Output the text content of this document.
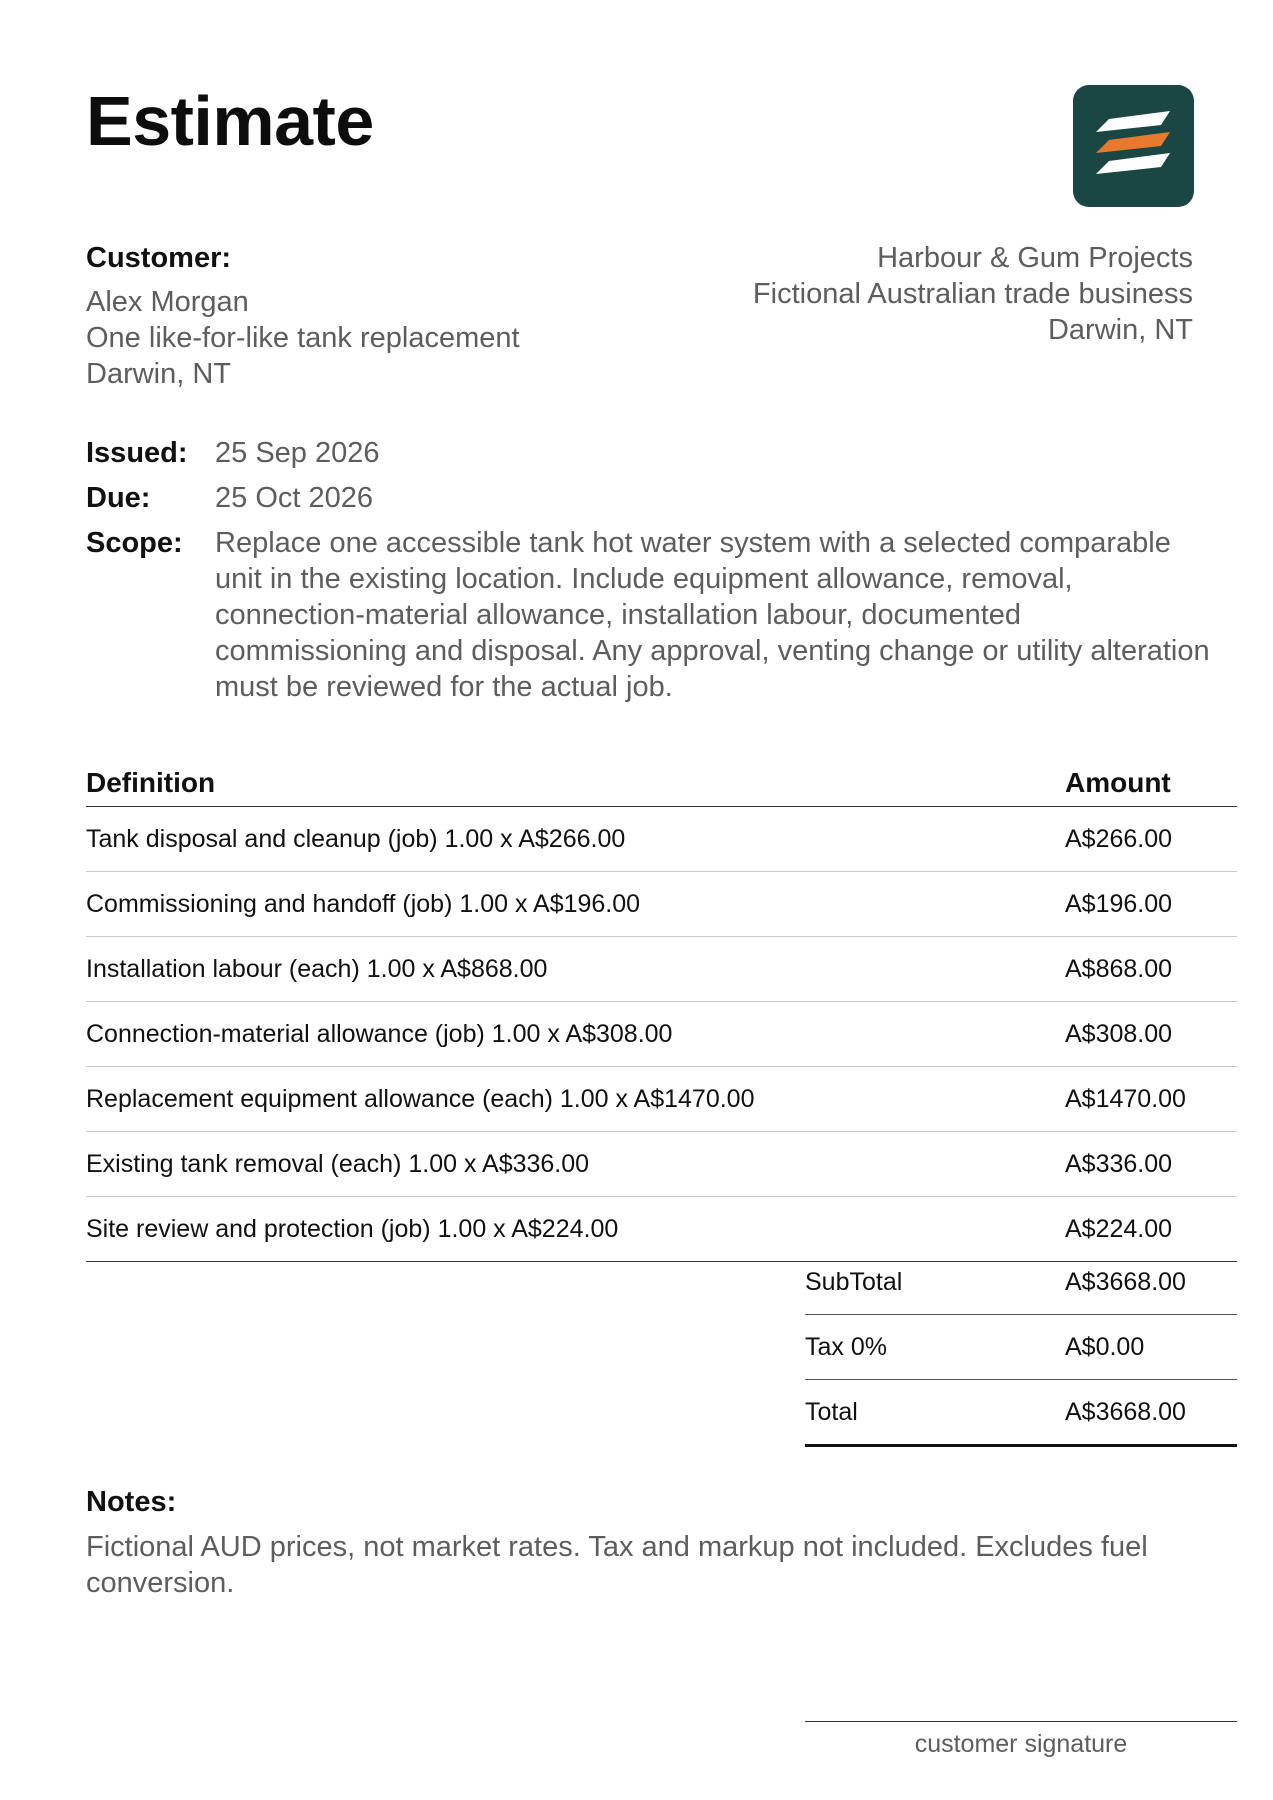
Estimate
Customer:
Alex Morgan
One like-for-like tank replacement
Darwin, NT
Harbour & Gum Projects
Fictional Australian trade business
Darwin, NT
Issued: 25 Sep 2026
Due:	25 Oct 2026
Scope:	Replace one accessible tank hot water system with a selected comparable unit in the existing location. Include equipment allowance, removal, connection-material allowance, installation labour, documented commissioning and disposal. Any approval, venting change or utility alteration must be reviewed for the actual job.
Definition	Amount
Tank disposal and cleanup (job) 1.00 x A$266.00	A$266.00
Commissioning and handoff (job) 1.00 x A$196.00	A$196.00
Installation labour (each) 1.00 x A$868.00	A$868.00
Connection-material allowance (job) 1.00 x A$308.00	A$308.00
Replacement equipment allowance (each) 1.00 x A$1470.00	A$1470.00
Existing tank removal (each) 1.00 x A$336.00	A$336.00
Site review and protection (job) 1.00 x A$224.00	A$224.00
SubTotal	A$3668.00
Tax 0%	A$0.00
Total	A$3668.00
Notes:
Fictional AUD prices, not market rates. Tax and markup not included. Excludes fuel conversion.
customer signature
